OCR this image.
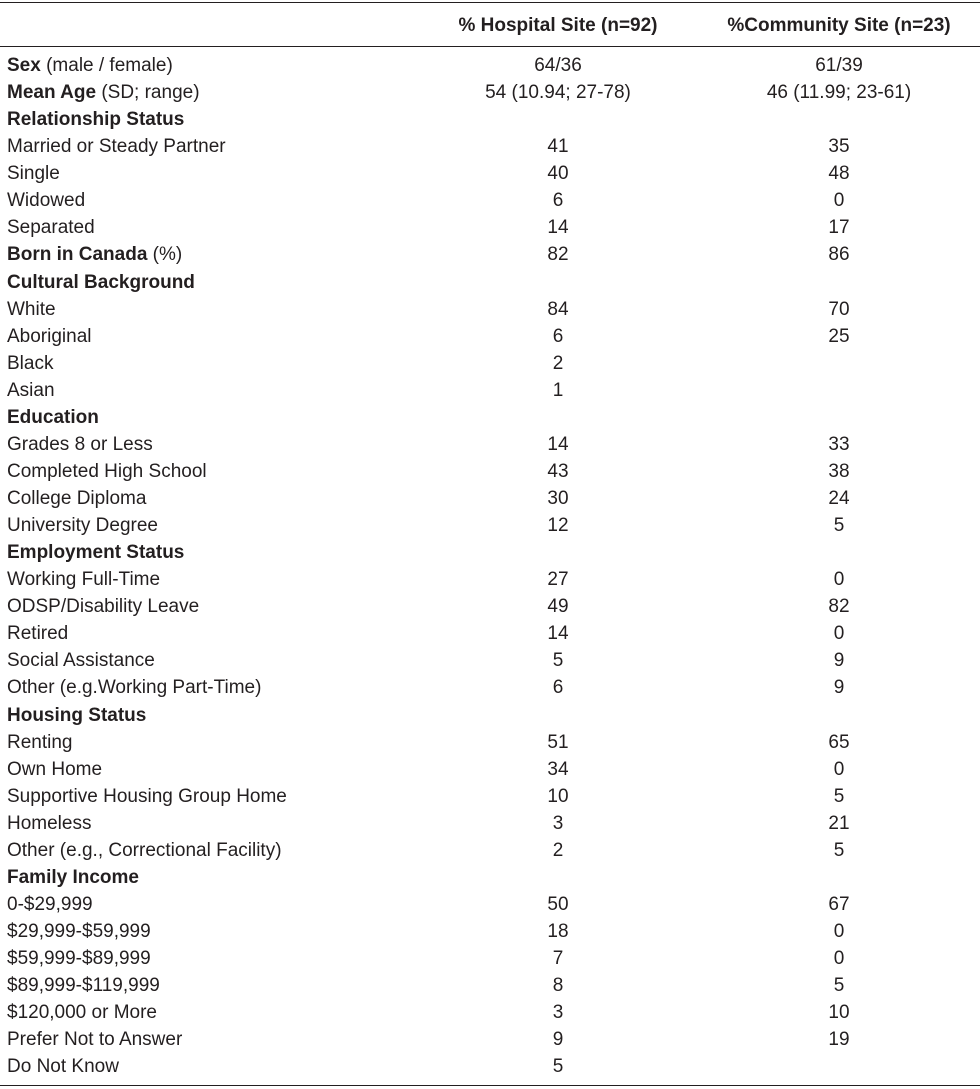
% Hospital Site (n=92)	%Community Site (n=23)
Sex (male / female)	64/36	61/39
Mean Age (SD; range)	54 (10.94; 27-78)	46 (11.99; 23-61)
Relationship Status
Married or Steady Partner	41	35
Single	40	48
Widowed	6	0
Separated	14	17
Born in Canada (%)	82	86
Cultural Background
White	84	70
Aboriginal	6	25
Black	2
Asian	1
Education
Grades 8 or Less	14	33
Completed High School	43	38
College Diploma	30	24
University Degree	12	5
Employment Status
Working Full-Time	27	0
ODSP/Disability Leave	49	82
Retired	14	0
Social Assistance	5	9
Other (e.g.Working Part-Time)	6	9
Housing Status
Renting	51	65
Own Home	34	0
Supportive Housing Group Home	10	5
Homeless	3	21
Other (e.g., Correctional Facility)	2	5
Family Income
0-$29,999	50	67
$29,999-$59,999	18	0
$59,999-$89,999	7	0
$89,999-$119,999	8	5
$120,000 or More	3	10
Prefer Not to Answer	9	19
Do Not Know	5
